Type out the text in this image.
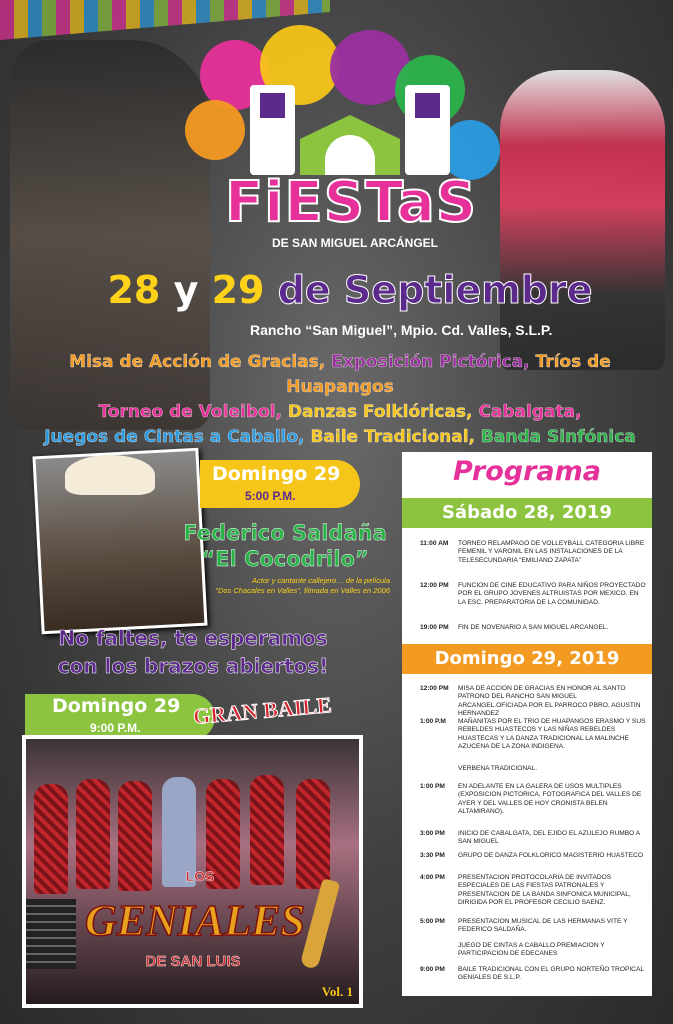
FiESTaS
DE SAN MIGUEL ARCÁNGEL
28 y 29 de Septiembre
Rancho “San Miguel”, Mpio. Cd. Valles, S.L.P.
Misa de Acción de Gracias, Exposición Pictórica, Tríos de Huapangos
Torneo de Voleibol, Danzas Folklóricas, Cabalgata,
Juegos de Cintas a Caballo, Baile Tradicional, Banda Sinfónica
Domingo 29
5:00 P.M.
Federico Saldaña
“El Cocodrilo”
Actor y cantante callejero… de la película
“Dos Chacales en Valles”, filmada en Valles en 2006
No faltes, te esperamos
con los brazos abiertos!
Domingo 29
9:00 P.M.
Vol. 1
GRAN BAILE
LOS
GENIALES
DE SAN LUIS
Programa
Sábado 28, 2019
11:00 AM	TORNEO RELAMPAGO DE VOLLEYBALL CATEGORIA LIBRE FEMENIL Y VARONIL EN LAS INSTALACIONES DE LA TELESECUNDARIA “EMILIANO ZAPATA”
12:00 PM	FUNCION DE CINE EDUCATIVO PARA NIÑOS PROYECTADO POR EL GRUPO JOVENES ALTRUISTAS POR MEXICO. EN LA ESC. PREPARATORIA DE LA COMUNIDAD.
19:00 PM	FIN DE NOVENARIO A SAN MIGUEL ARCANGEL.
Domingo 29, 2019
12:00 PM	MISA DE ACCION DE GRACIAS EN HONOR AL SANTO PATRONO DEL RANCHO SAN MIGUEL ARCANGEL.OFICIADA POR EL PARROCO PBRO. AGUSTIN HERNANDEZ
1:00 P.M	MAÑANITAS POR EL TRIO DE HUAPANGOS ERASMO Y SUS REBELDES HUASTECOS Y LAS NIÑAS REBELDES HUASTECAS Y LA DANZA TRADICIONAL LA MALINCHE AZUCENA DE LA ZONA INDIGENA.
VERBENA TRADICIONAL.
1:00 PM	EN ADELANTE EN LA GALERA DE USOS MULTIPLES (EXPOSICION PICTORICA, FOTOGRAFICA DEL VALLES DE AYER Y DEL VALLES DE HOY CRONISTA BELEN ALTAMIRANO).
3:00 PM	INICIO DE CABALGATA, DEL EJIDO EL AZULEJO RUMBO A SAN MIGUEL
3:30 PM	GRUPO DE DANZA FOLKLORICO MAGISTERIO HUASTECO
4:00 PM	PRESENTACION PROTOCOLARIA DE INVITADOS ESPECIALES DE LAS FIESTAS PATRONALES Y PRESENTACION DE LA BANDA SINFONICA MUNICIPAL, DIRIGIDA POR EL PROFESOR CECILIO SAENZ.
5:00 PM	PRESENTACION MUSICAL DE LAS HERMANAS VITE Y FEDERICO SALDAÑA.
JUEGO DE CINTAS A CABALLO PREMIACION Y PARTICIPACION DE EDECANES
9:00 PM	BAILE TRADICIONAL CON EL GRUPO NORTEÑO TROPICAL GENIALES DE S.L.P.
